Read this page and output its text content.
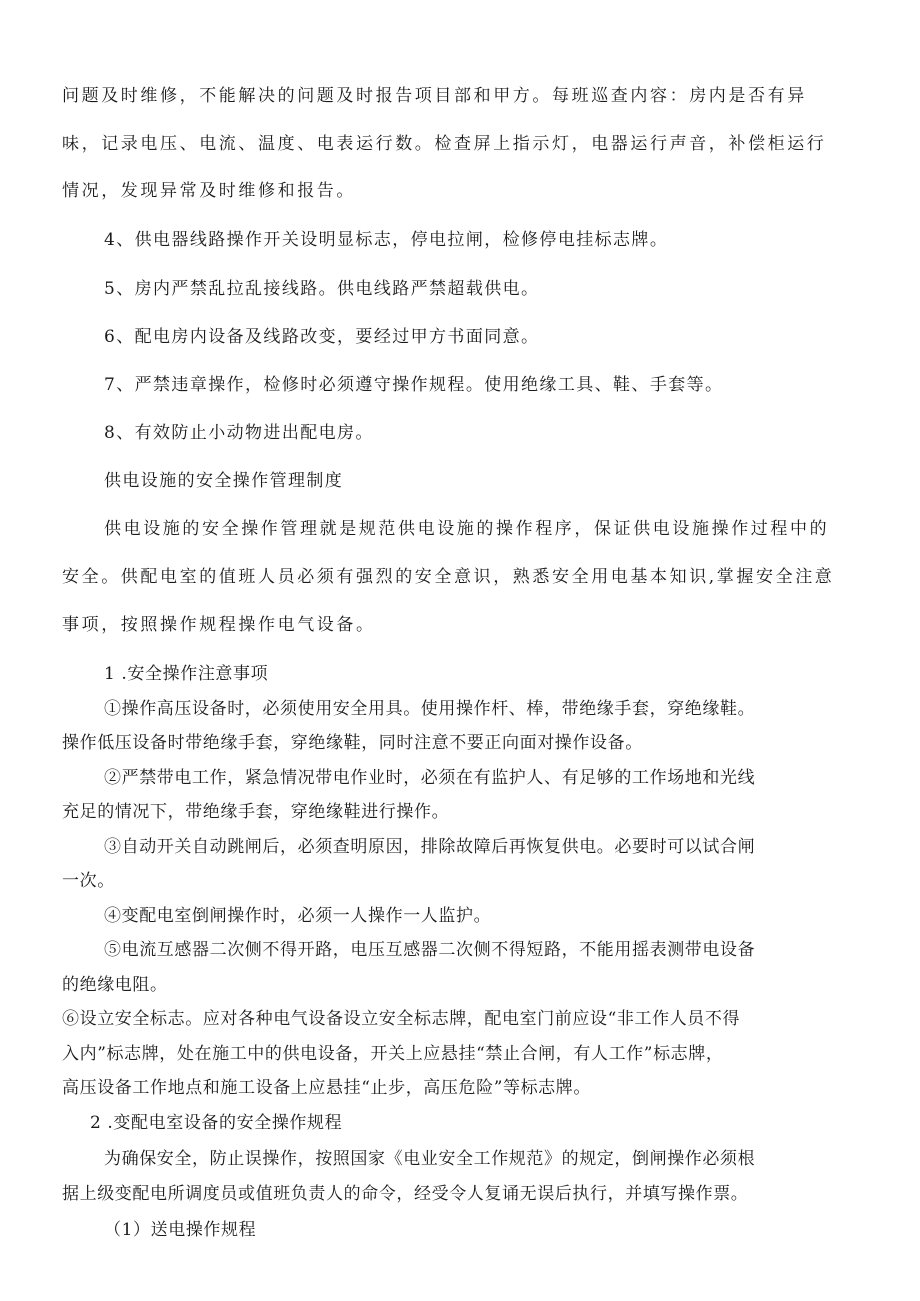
问题及时维修，不能解决的问题及时报告项目部和甲方。每班巡查内容：房内是否有异
味，记录电压、电流、温度、电表运行数。检查屏上指示灯，电器运行声音，补偿柜运行
情况，发现异常及时维修和报告。
4、供电器线路操作开关设明显标志，停电拉闸，检修停电挂标志牌。
5、房内严禁乱拉乱接线路。供电线路严禁超载供电。
6、配电房内设备及线路改变，要经过甲方书面同意。
7、严禁违章操作，检修时必须遵守操作规程。使用绝缘工具、鞋、手套等。
8、有效防止小动物进出配电房。
供电设施的安全操作管理制度
供电设施的安全操作管理就是规范供电设施的操作程序，保证供电设施操作过程中的
安全。供配电室的值班人员必须有强烈的安全意识，熟悉安全用电基本知识,掌握安全注意
事项，按照操作规程操作电气设备。
1 .安全操作注意事项
①操作高压设备时，必须使用安全用具。使用操作杆、棒，带绝缘手套，穿绝缘鞋。
操作低压设备时带绝缘手套，穿绝缘鞋，同时注意不要正向面对操作设备。
②严禁带电工作，紧急情况带电作业时，必须在有监护人、有足够的工作场地和光线
充足的情况下，带绝缘手套，穿绝缘鞋进行操作。
③自动开关自动跳闸后，必须查明原因，排除故障后再恢复供电。必要时可以试合闸
一次。
④变配电室倒闸操作时，必须一人操作一人监护。
⑤电流互感器二次侧不得开路，电压互感器二次侧不得短路，不能用摇表测带电设备
的绝缘电阻。
⑥设立安全标志。应对各种电气设备设立安全标志牌，配电室门前应设“非工作人员不得
入内”标志牌，处在施工中的供电设备，开关上应悬挂“禁止合闸，有人工作”标志牌，
高压设备工作地点和施工设备上应悬挂“止步，高压危险”等标志牌。
2 .变配电室设备的安全操作规程
为确保安全，防止误操作，按照国家《电业安全工作规范》的规定，倒闸操作必须根
据上级变配电所调度员或值班负责人的命令，经受令人复诵无误后执行，并填写操作票。
（1）送电操作规程
